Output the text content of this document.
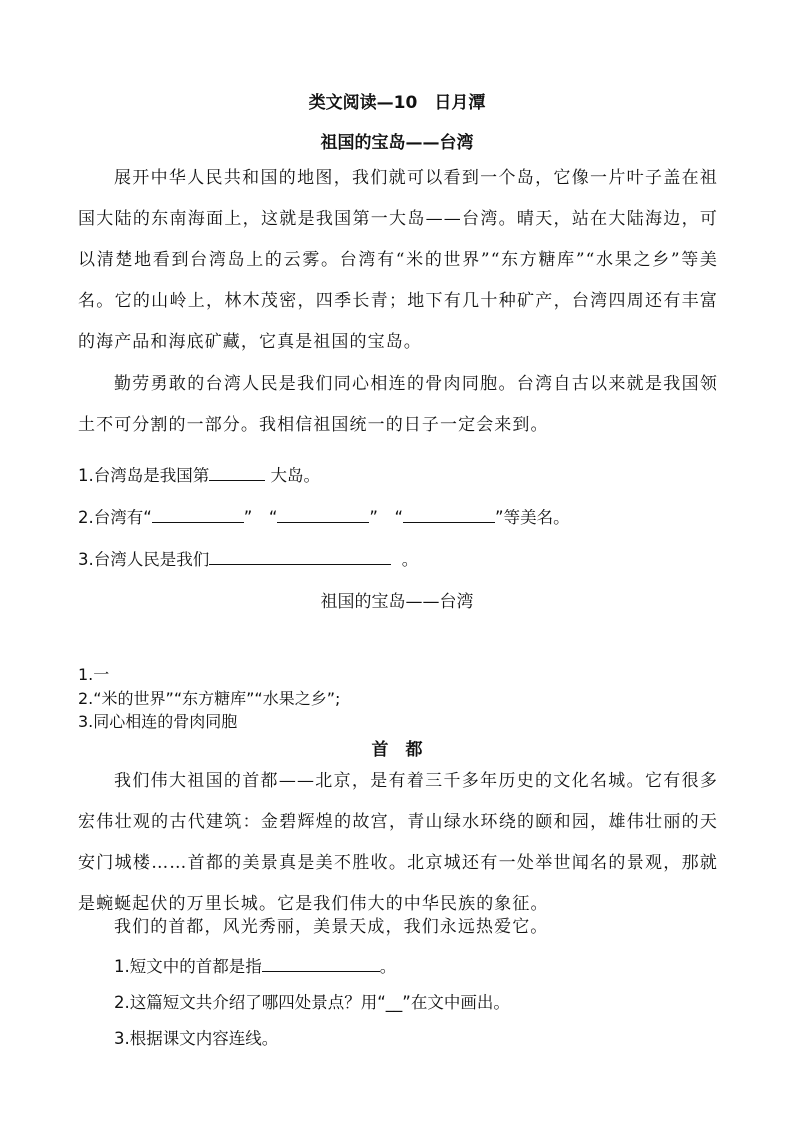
类文阅读—10　日月潭

祖国的宝岛——台湾

展开中华人民共和国的地图，我们就可以看到一个岛，它像一片叶子盖在祖国大陆的东南海面上，这就是我国第一大岛——台湾。晴天，站在大陆海边，可以清楚地看到台湾岛上的云雾。台湾有“米的世界”“东方糖库”“水果之乡”等美名。它的山岭上，林木茂密，四季长青；地下有几十种矿产，台湾四周还有丰富的海产品和海底矿藏，它真是祖国的宝岛。

勤劳勇敢的台湾人民是我们同心相连的骨肉同胞。台湾自古以来就是我国领土不可分割的一部分。我相信祖国统一的日子一定会来到。

1.台湾岛是我国第	大岛。

2.台湾有“	”　“	”　“	”等美名。

3.台湾人民是我们	。

祖国的宝岛——台湾

1.一

2.“米的世界”“东方糖库”“水果之乡”;

3.同心相连的骨肉同胞

首　都

我们伟大祖国的首都——北京，是有着三千多年历史的文化名城。它有很多宏伟壮观的古代建筑：金碧辉煌的故宫，青山绿水环绕的颐和园，雄伟壮丽的天安门城楼……首都的美景真是美不胜收。北京城还有一处举世闻名的景观，那就是蜿蜒起伏的万里长城。它是我们伟大的中华民族的象征。

我们的首都，风光秀丽，美景天成，我们永远热爱它。

1.短文中的首都是指	。

2.这篇短文共介绍了哪四处景点？用“__”在文中画出。

3.根据课文内容连线。
